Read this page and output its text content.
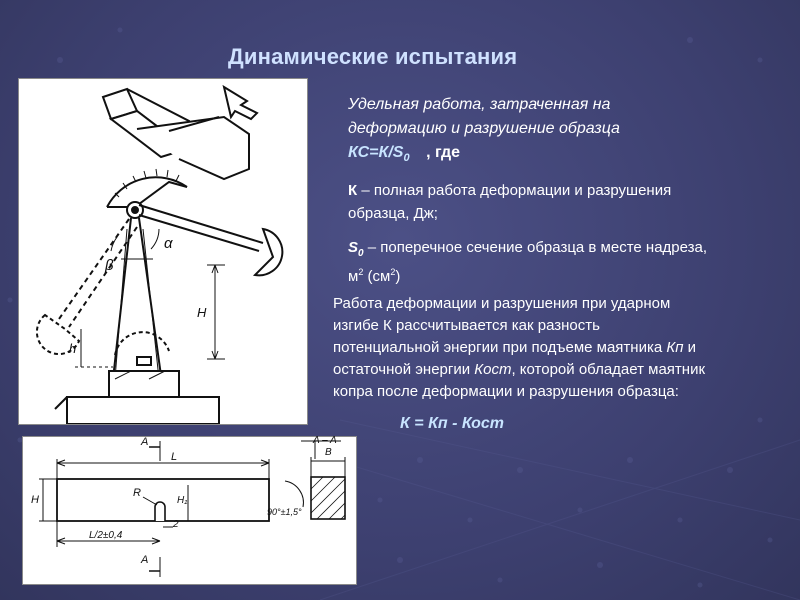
Динамические испытания
α
β
H
h
A
A
L
H	H₁
R
2
L/2±0,4
A – A
B
90°±1,5°
Удельная работа, затраченная на
деформацию и разрушение образца
$КС=К/S_0$ , где
К – полная работа деформации и разрушения
образца, Дж;
$S_0$ – поперечное сечение образца в месте надреза,
$м^2$ $(см^2)$
Работа деформации и разрушения при ударном
изгибе К рассчитывается как разность
потенциальной энергии при подъеме маятника Кп и
остаточной энергии Кост, которой обладает маятник
копра после деформации и разрушения образца:
К = Кп - Кост
